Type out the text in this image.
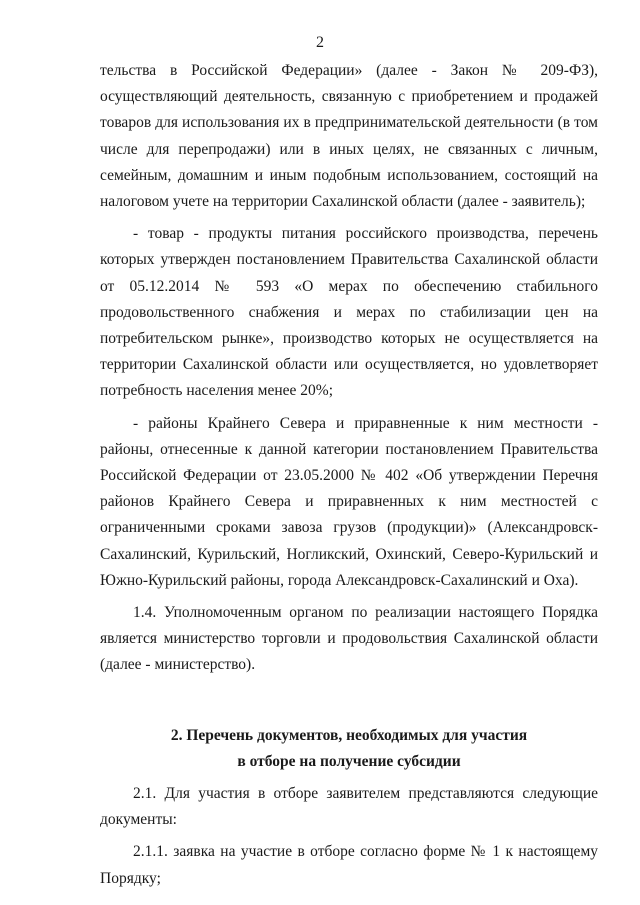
2

тельства в Российской Федерации» (далее - Закон № 209-ФЗ), осуществляющий деятельность, связанную с приобретением и продажей товаров для использования их в предпринимательской деятельности (в том числе для перепродажи) или в иных целях, не связанных с личным, семейным, домашним и иным подобным использованием, состоящий на налоговом учете на территории Сахалинской области (далее - заявитель);

- товар - продукты питания российского производства, перечень которых утвержден постановлением Правительства Сахалинской области от 05.12.2014 № 593 «О мерах по обеспечению стабильного продовольственного снабжения и мерах по стабилизации цен на потребительском рынке», производство которых не осуществляется на территории Сахалинской области или осуществляется, но удовлетворяет потребность населения менее 20%;

- районы Крайнего Севера и приравненные к ним местности - районы, отнесенные к данной категории постановлением Правительства Российской Федерации от 23.05.2000 № 402 «Об утверждении Перечня районов Крайнего Севера и приравненных к ним местностей с ограниченными сроками завоза грузов (продукции)» (Александровск-Сахалинский, Курильский, Ногликский, Охинский, Северо-Курильский и Южно-Курильский районы, города Александровск-Сахалинский и Оха).

1.4. Уполномоченным органом по реализации настоящего Порядка является министерство торговли и продовольствия Сахалинской области (далее - министерство).

2. Перечень документов, необходимых для участия

в отборе на получение субсидии

2.1. Для участия в отборе заявителем представляются следующие документы:

2.1.1. заявка на участие в отборе согласно форме № 1 к настоящему Порядку;
